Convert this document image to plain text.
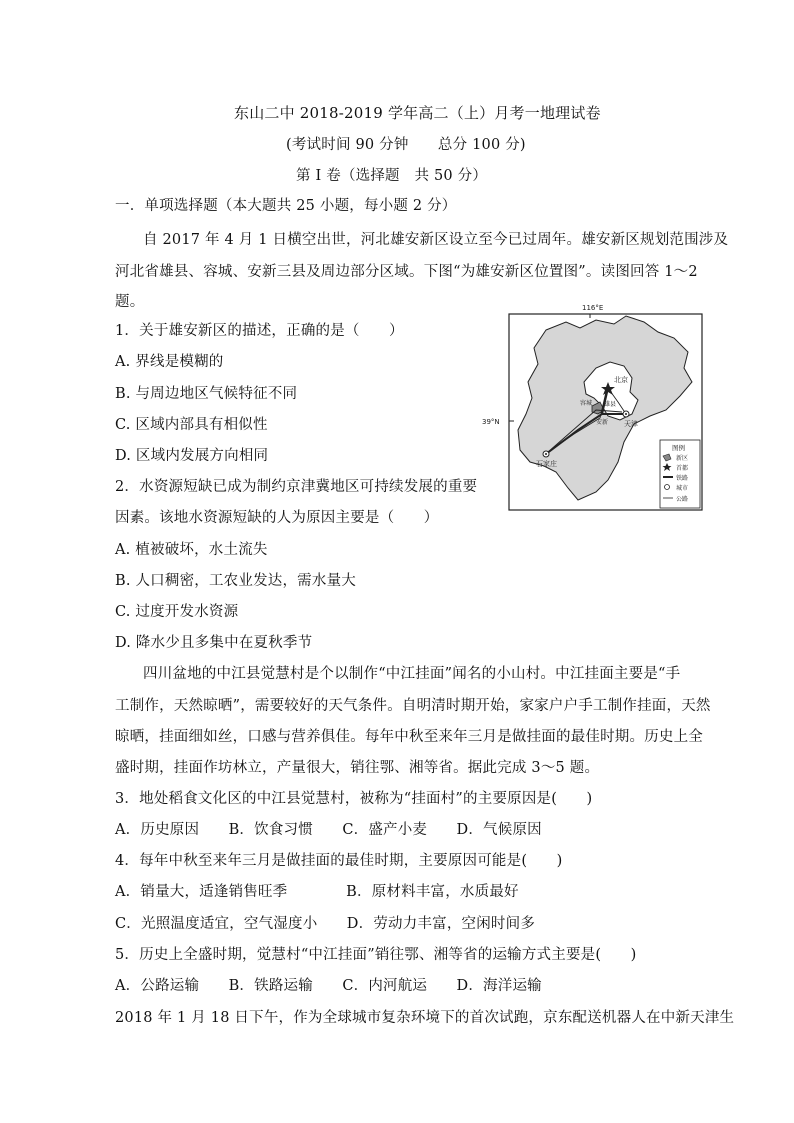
东山二中 2018-2019 学年高二（上）月考一地理试卷
(考试时间 90 分钟　　总分 100 分)
第 I 卷（选择题　共 50 分）
一．单项选择题（本大题共 25 小题，每小题 2 分）
自 2017 年 4 月 1 日横空出世，河北雄安新区设立至今已过周年。雄安新区规划范围涉及
河北省雄县、容城、安新三县及周边部分区域。下图“为雄安新区位置图”。读图回答 1～2
题。
1．关于雄安新区的描述，正确的是（　　）
A. 界线是模糊的
B. 与周边地区气候特征不同
C. 区域内部具有相似性
D. 区域内发展方向相同
2．水资源短缺已成为制约京津冀地区可持续发展的重要
因素。该地水资源短缺的人为原因主要是（　　）
A. 植被破坏，水土流失
B. 人口稠密，工农业发达，需水量大
C. 过度开发水资源
D. 降水少且多集中在夏秋季节
四川盆地的中江县觉慧村是个以制作“中江挂面”闻名的小山村。中江挂面主要是“手
工制作，天然晾晒”，需要较好的天气条件。自明清时期开始，家家户户手工制作挂面，天然
晾晒，挂面细如丝，口感与营养俱佳。每年中秋至来年三月是做挂面的最佳时期。历史上全
盛时期，挂面作坊林立，产量很大，销往鄂、湘等省。据此完成 3～5 题。
3．地处稻食文化区的中江县觉慧村，被称为“挂面村”的主要原因是(　　)
A．历史原因　　B．饮食习惯　　C．盛产小麦　　D．气候原因
4．每年中秋至来年三月是做挂面的最佳时期，主要原因可能是(　　)
A．销量大，适逢销售旺季　　　　B．原材料丰富，水质最好
C．光照温度适宜，空气湿度小　　D．劳动力丰富，空闲时间多
5．历史上全盛时期，觉慧村“中江挂面”销往鄂、湘等省的运输方式主要是(　　)
A．公路运输　　B．铁路运输　　C．内河航运　　D．海洋运输
2018 年 1 月 18 日下午，作为全球城市复杂环境下的首次试跑，京东配送机器人在中新天津生
116°E
39°N
北京
天津
石家庄
容城 雄县
安新
图例
新区
首都
铁路
城市
公路
